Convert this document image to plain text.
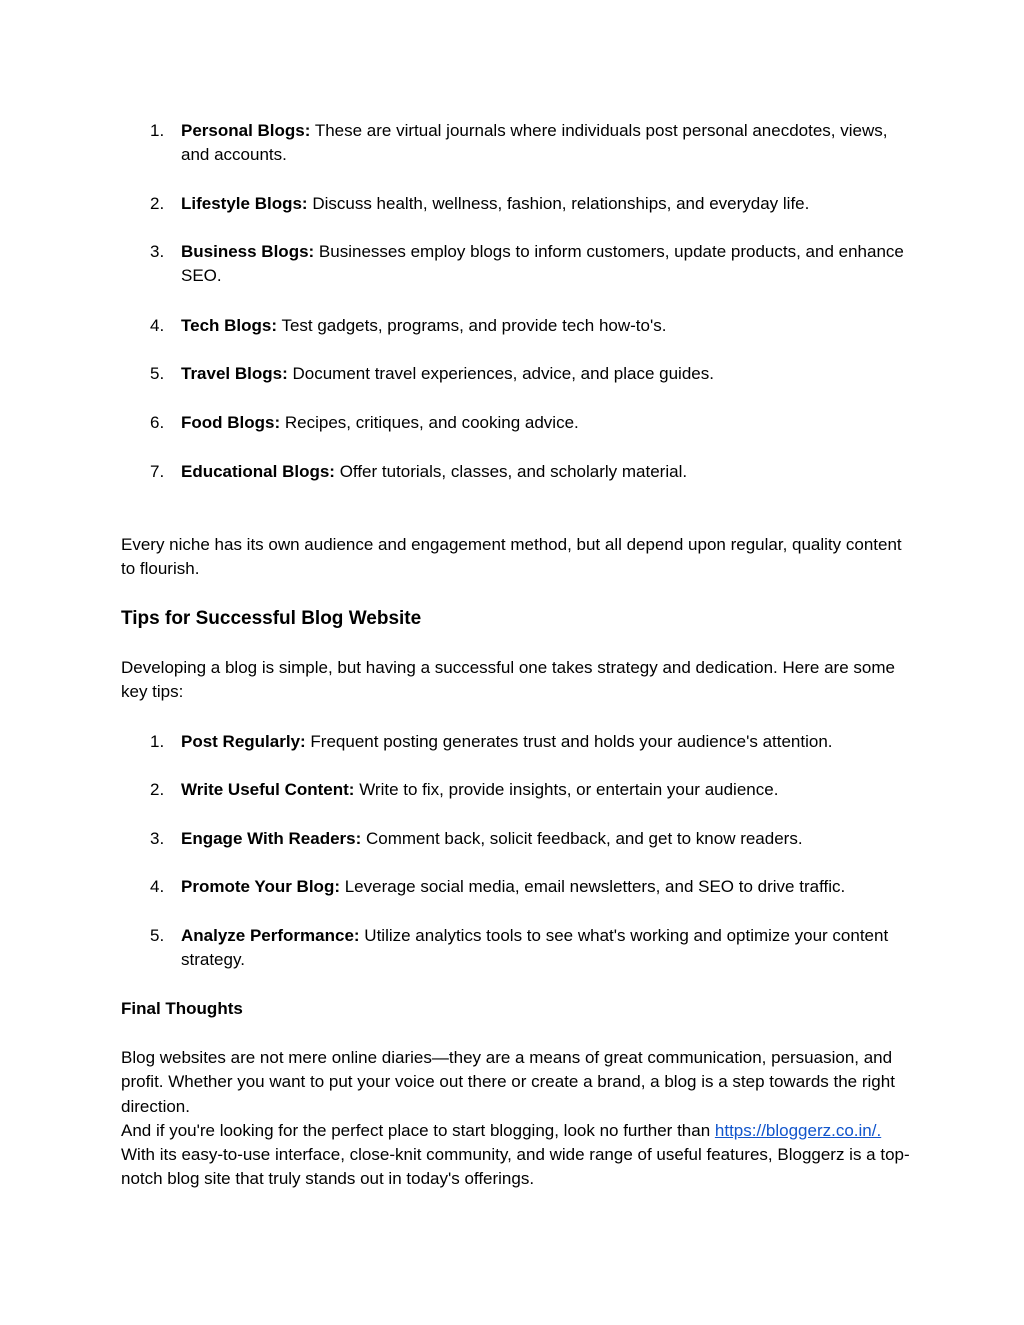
1. Personal Blogs: These are virtual journals where individuals post personal anecdotes, views, and accounts.
2. Lifestyle Blogs: Discuss health, wellness, fashion, relationships, and everyday life.
3. Business Blogs: Businesses employ blogs to inform customers, update products, and enhance SEO.
4. Tech Blogs: Test gadgets, programs, and provide tech how-to's.
5. Travel Blogs: Document travel experiences, advice, and place guides.
6. Food Blogs: Recipes, critiques, and cooking advice.
7. Educational Blogs: Offer tutorials, classes, and scholarly material.

Every niche has its own audience and engagement method, but all depend upon regular, quality content to flourish.

Tips for Successful Blog Website

Developing a blog is simple, but having a successful one takes strategy and dedication. Here are some key tips:

1. Post Regularly: Frequent posting generates trust and holds your audience's attention.
2. Write Useful Content: Write to fix, provide insights, or entertain your audience.
3. Engage With Readers: Comment back, solicit feedback, and get to know readers.
4. Promote Your Blog: Leverage social media, email newsletters, and SEO to drive traffic.
5. Analyze Performance: Utilize analytics tools to see what's working and optimize your content strategy.
Final Thoughts

Blog websites are not mere online diaries—they are a means of great communication, persuasion, and profit. Whether you want to put your voice out there or create a brand, a blog is a step towards the right direction.
And if you're looking for the perfect place to start blogging, look no further than https://bloggerz.co.in/. With its easy-to-use interface, close-knit community, and wide range of useful features, Bloggerz is a top-notch blog site that truly stands out in today's offerings.
